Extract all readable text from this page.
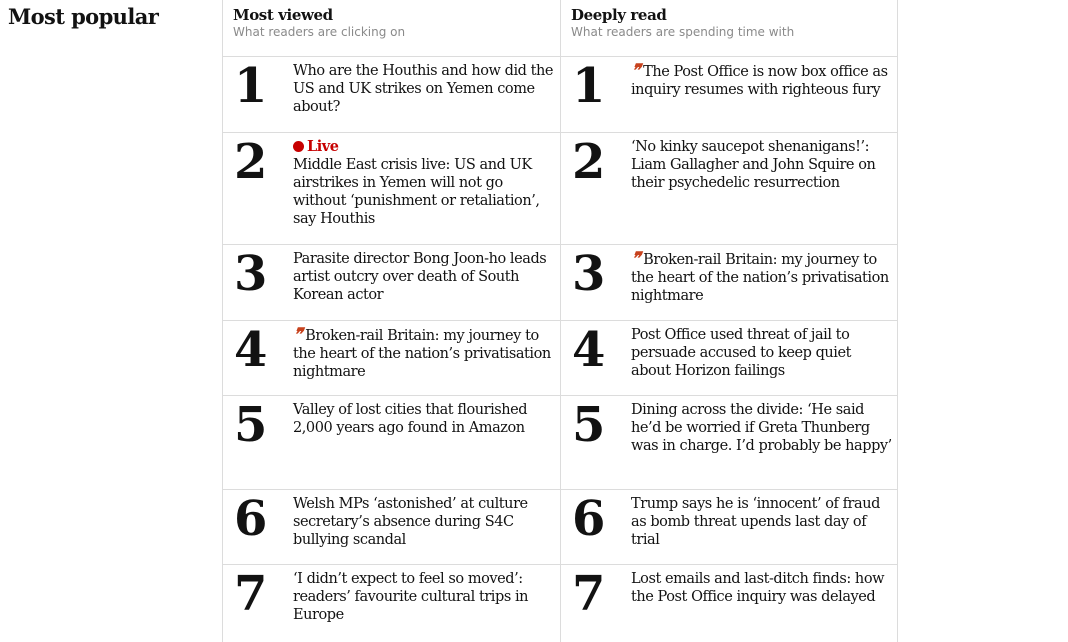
Most popular	Most viewed
What readers are clicking on
1	Who are the Houthis and how did the US and UK strikes on Yemen come about?
2	Live
Middle East crisis live: US and UK airstrikes in Yemen will not go without ‘punishment or retaliation’, say Houthis
3	Parasite director Bong Joon-ho leads artist outcry over death of South Korean actor
4	❞ Broken-rail Britain: my journey to the heart of the nation’s privatisation nightmare
5	Valley of lost cities that flourished 2,000 years ago found in Amazon
6	Welsh MPs ‘astonished’ at culture secretary’s absence during S4C bullying scandal
7	‘I didn’t expect to feel so moved’: readers’ favourite cultural trips in Europe
Deeply read
What readers are spending time with
1	❞ The Post Office is now box office as inquiry resumes with righteous fury
2	‘No kinky saucepot shenanigans!’: Liam Gallagher and John Squire on their psychedelic resurrection
3	❞ Broken-rail Britain: my journey to the heart of the nation’s privatisation nightmare
4	Post Office used threat of jail to persuade accused to keep quiet about Horizon failings
5	Dining across the divide: ‘He said he’d be worried if Greta Thunberg was in charge. I’d probably be happy’
6	Trump says he is ‘innocent’ of fraud as bomb threat upends last day of trial
7	Lost emails and last-ditch finds: how the Post Office inquiry was delayed
